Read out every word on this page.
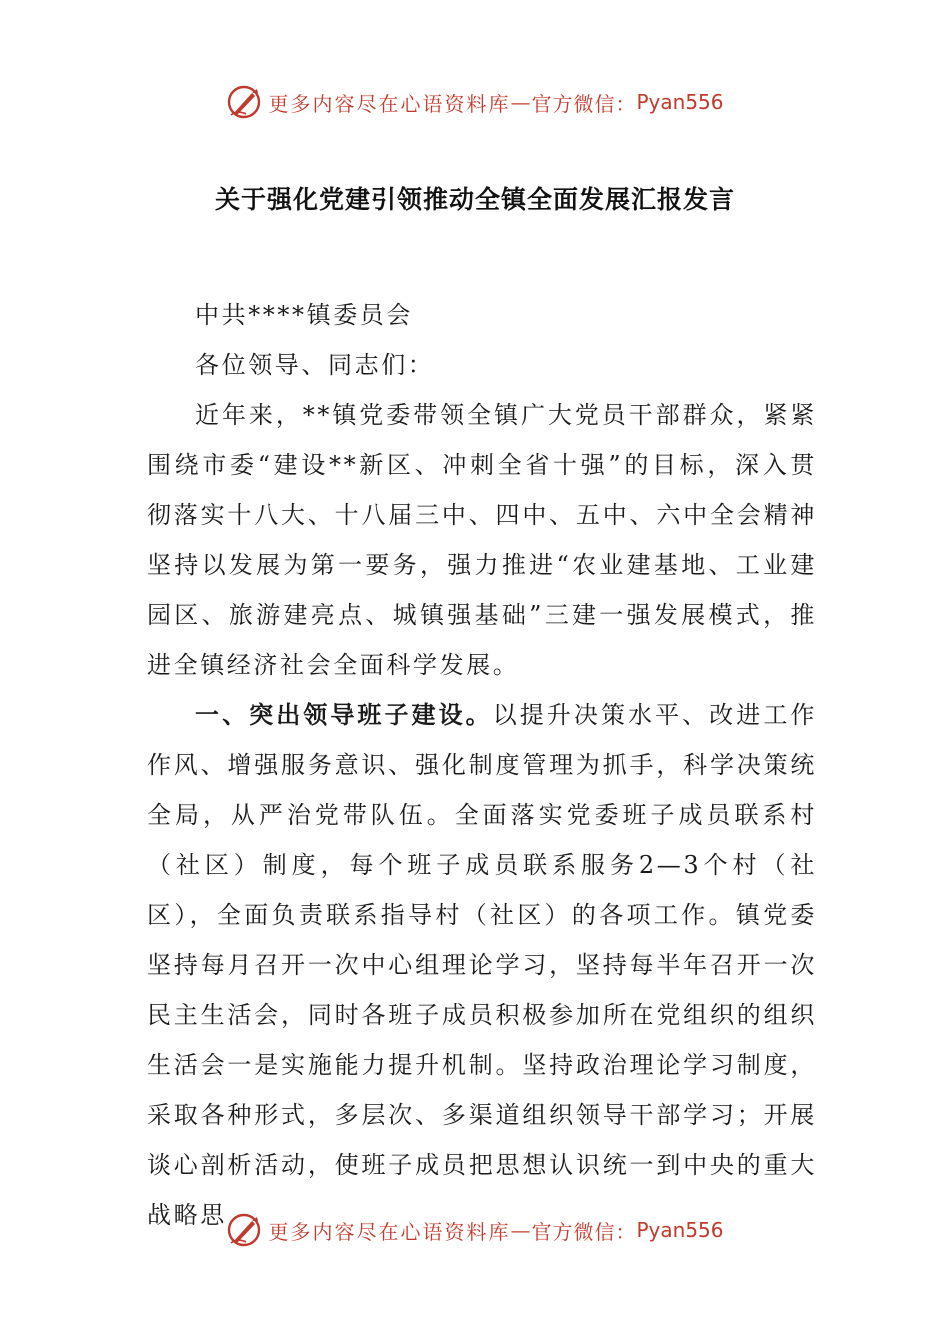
更多内容尽在心语资料库 — 官方微信： Pyan556
关于强化党建引领推动全镇全面发展汇报发言

中共****镇委员会

各位领导、同志们：

近年来，**镇党委带领全镇广大党员干部群众，紧紧围绕市委“建设**新区、冲刺全省十强”的目标，深入贯彻落实十八大、十八届三中、四中、五中、六中全会精神坚持以发展为第一要务，强力推进“农业建基地、工业建园区、旅游建亮点、城镇强基础”三建一强发展模式，推进全镇经济社会全面科学发展。

一、突出领导班子建设。以提升决策水平、改进工作作风、增强服务意识、强化制度管理为抓手，科学决策统全局，从严治党带队伍。全面落实党委班子成员联系村（社区）制度，每个班子成员联系服务2—3个村（社区），全面负责联系指导村（社区）的各项工作。镇党委坚持每月召开一次中心组理论学习，坚持每半年召开一次民主生活会，同时各班子成员积极参加所在党组织的组织生活会一是实施能力提升机制。坚持政治理论学习制度，采取各种形式，多层次、多渠道组织领导干部学习；开展谈心剖析活动，使班子成员把思想认识统一到中央的重大战略思

更多内容尽在心语资料库 — 官方微信： Pyan556
